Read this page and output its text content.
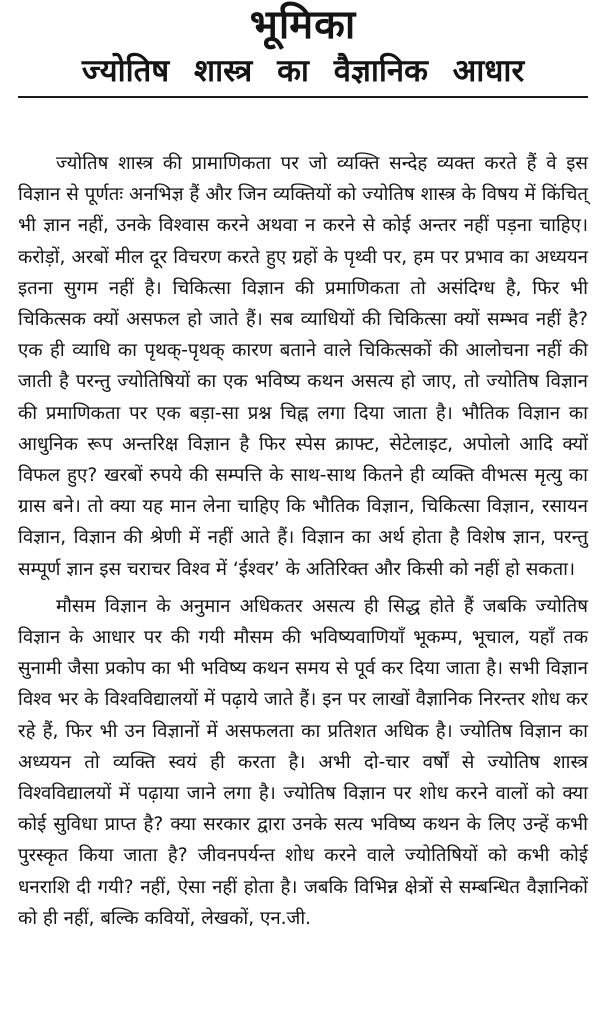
भूमिका
ज्योतिष शास्त्र का वैज्ञानिक आधार

ज्योतिष शास्त्र की प्रामाणिकता पर जो व्यक्ति सन्देह व्यक्त करते हैं वे इस विज्ञान से पूर्णतः अनभिज्ञ हैं और जिन व्यक्तियों को ज्योतिष शास्त्र के विषय में किंचित् भी ज्ञान नहीं, उनके विश्वास करने अथवा न करने से कोई अन्तर नहीं पड़ना चाहिए। करोड़ों, अरबों मील दूर विचरण करते हुए ग्रहों के पृथ्वी पर, हम पर प्रभाव का अध्ययन इतना सुगम नहीं है। चिकित्सा विज्ञान की प्रमाणिकता तो असंदिग्ध है, फिर भी चिकित्सक क्यों असफल हो जाते हैं। सब व्याधियों की चिकित्सा क्यों सम्भव नहीं है? एक ही व्याधि का पृथक्-पृथक् कारण बताने वाले चिकित्सकों की आलोचना नहीं की जाती है परन्तु ज्योतिषियों का एक भविष्य कथन असत्य हो जाए, तो ज्योतिष विज्ञान की प्रमाणिकता पर एक बड़ा-सा प्रश्न चिह्न लगा दिया जाता है। भौतिक विज्ञान का आधुनिक रूप अन्तरिक्ष विज्ञान है फिर स्पेस क्राफ्ट, सेटेलाइट, अपोलो आदि क्यों विफल हुए? खरबों रुपये की सम्पत्ति के साथ-साथ कितने ही व्यक्ति वीभत्स मृत्यु का ग्रास बने। तो क्या यह मान लेना चाहिए कि भौतिक विज्ञान, चिकित्सा विज्ञान, रसायन विज्ञान, विज्ञान की श्रेणी में नहीं आते हैं। विज्ञान का अर्थ होता है विशेष ज्ञान, परन्तु सम्पूर्ण ज्ञान इस चराचर विश्व में ‘ईश्वर’ के अतिरिक्त और किसी को नहीं हो सकता।

मौसम विज्ञान के अनुमान अधिकतर असत्य ही सिद्ध होते हैं जबकि ज्योतिष विज्ञान के आधार पर की गयी मौसम की भविष्यवाणियाँ भूकम्प, भूचाल, यहाँ तक सुनामी जैसा प्रकोप का भी भविष्य कथन समय से पूर्व कर दिया जाता है। सभी विज्ञान विश्व भर के विश्वविद्यालयों में पढ़ाये जाते हैं। इन पर लाखों वैज्ञानिक निरन्तर शोध कर रहे हैं, फिर भी उन विज्ञानों में असफलता का प्रतिशत अधिक है। ज्योतिष विज्ञान का अध्ययन तो व्यक्ति स्वयं ही करता है। अभी दो-चार वर्षों से ज्योतिष शास्त्र विश्वविद्यालयों में पढ़ाया जाने लगा है। ज्योतिष विज्ञान पर शोध करने वालों को क्या कोई सुविधा प्राप्त है? क्या सरकार द्वारा उनके सत्य भविष्य कथन के लिए उन्हें कभी पुरस्कृत किया जाता है? जीवनपर्यन्त शोध करने वाले ज्योतिषियों को कभी कोई धनराशि दी गयी? नहीं, ऐसा नहीं होता है। जबकि विभिन्न क्षेत्रों से सम्बन्धित वैज्ञानिकों को ही नहीं, बल्कि कवियों, लेखकों, एन.जी.
